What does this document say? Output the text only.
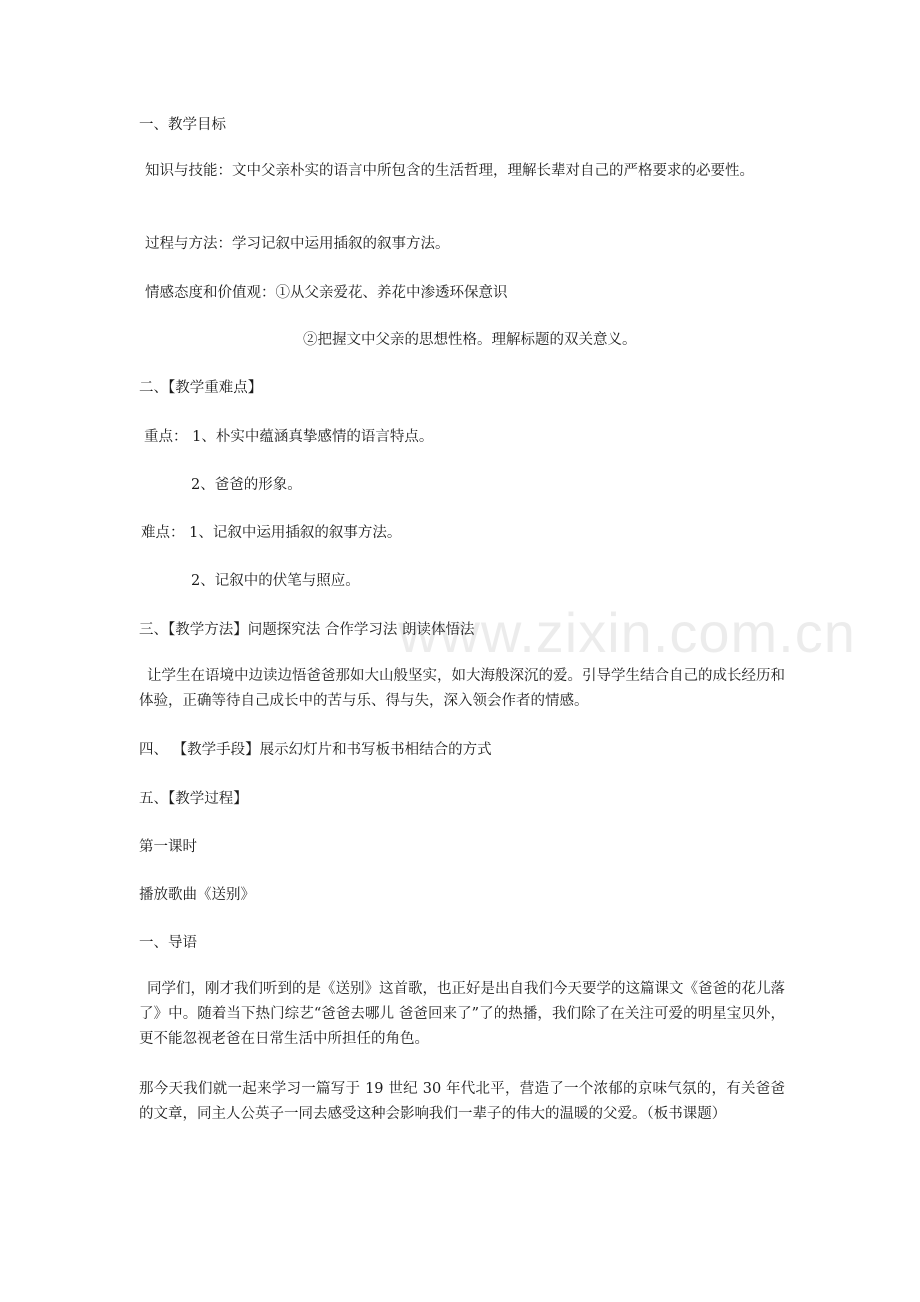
www.zixin.com.cn
一、教学目标
知识与技能：文中父亲朴实的语言中所包含的生活哲理，理解长辈对自己的严格要求的必要性。
过程与方法：学习记叙中运用插叙的叙事方法。
情感态度和价值观：①从父亲爱花、养花中渗透环保意识
②把握文中父亲的思想性格。理解标题的双关意义。
二、【教学重难点】
重点： 1、朴实中蕴涵真挚感情的语言特点。
2、爸爸的形象。
难点： 1、记叙中运用插叙的叙事方法。
2、记叙中的伏笔与照应。
三、【教学方法】问题探究法 合作学习法 朗读体悟法
让学生在语境中边读边悟爸爸那如大山般坚实，如大海般深沉的爱。引导学生结合自己的成长经历和体验，正确等待自己成长中的苦与乐、得与失，深入领会作者的情感。
四、 【教学手段】展示幻灯片和书写板书相结合的方式
五、【教学过程】
第一课时
播放歌曲《送别》
一、导语
同学们，刚才我们听到的是《送别》这首歌，也正好是出自我们今天要学的这篇课文《爸爸的花儿落了》中。随着当下热门综艺“爸爸去哪儿 爸爸回来了”了的热播，我们除了在关注可爱的明星宝贝外，更不能忽视老爸在日常生活中所担任的角色。
那今天我们就一起来学习一篇写于 19 世纪 30 年代北平，营造了一个浓郁的京味气氛的，有关爸爸的文章，同主人公英子一同去感受这种会影响我们一辈子的伟大的温暖的父爱。（板书课题）
